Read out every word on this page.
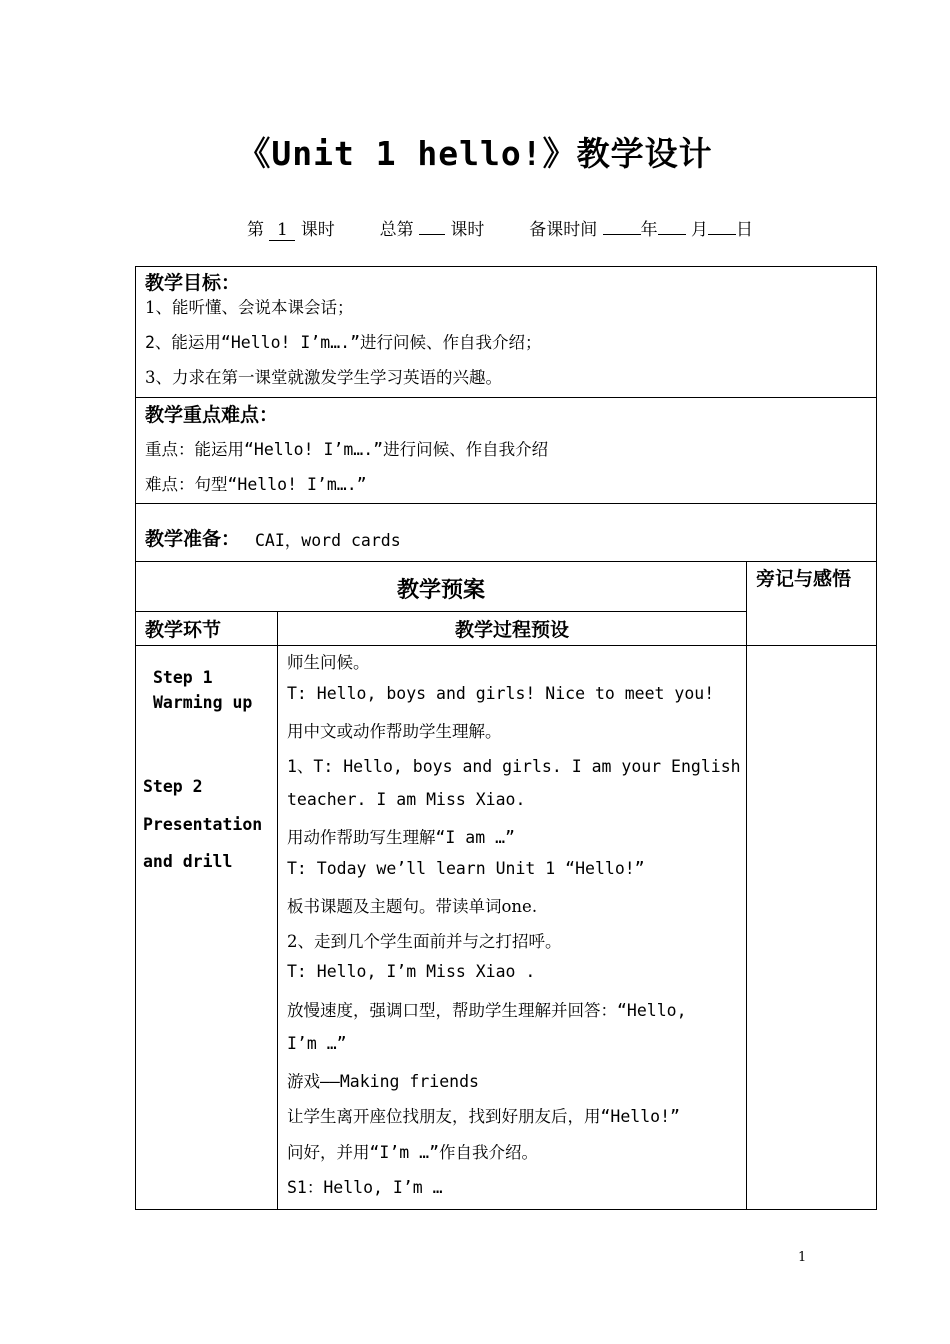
《Unit 1 hello!》教学设计
第 1 课时	总第 课时	备课时间	年 月 日
教学目标：
1、能听懂、会说本课会话；
2、能运用“Hello! I’m….”进行问候、作自我介绍；
3、力求在第一课堂就激发学生学习英语的兴趣。
教学重点难点：
重点：能运用“Hello! I’m….”进行问候、作自我介绍
难点：句型“Hello! I’m….”
教学准备： CAI，word cards
教学预案	旁记与感悟
教学环节	教学过程预设
Step 1
Warming up
Step 2
Presentation
and drill
师生问候。
T: Hello, boys and girls! Nice to meet you!
用中文或动作帮助学生理解。
1、T: Hello, boys and girls. I am your English
teacher. I am Miss Xiao.
用动作帮助写生理解“I am …”
T: Today we’ll learn Unit 1 “Hello!”
板书课题及主题句。带读单词one.
2、走到几个学生面前并与之打招呼。
T: Hello, I’m Miss Xiao .
放慢速度，强调口型，帮助学生理解并回答：“Hello,
I’m …”
游戏——Making friends
让学生离开座位找朋友，找到好朋友后，用“Hello!”
问好，并用“I’m …”作自我介绍。
S1：Hello, I’m …
1
